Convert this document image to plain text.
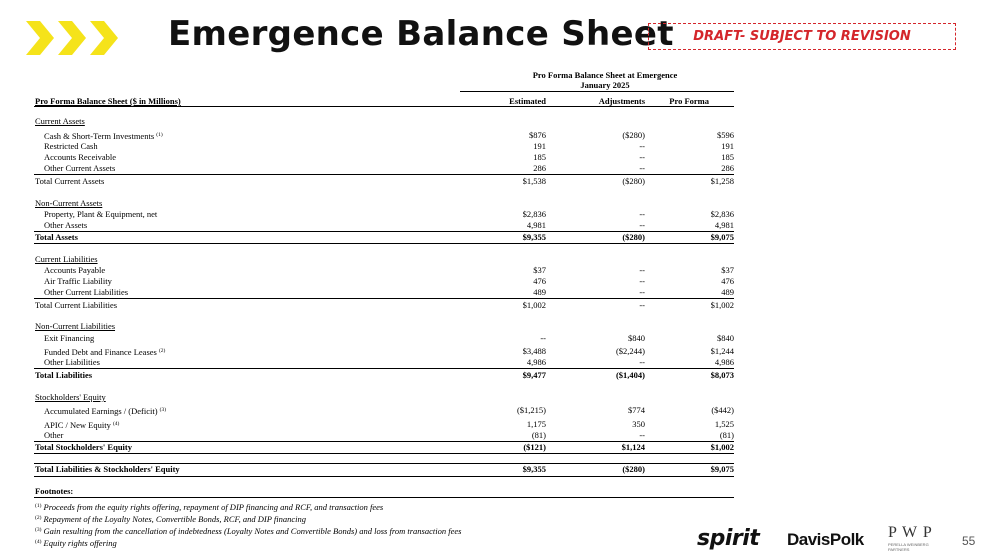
Emergence Balance Sheet	DRAFT- SUBJECT TO REVISION
Pro Forma Balance Sheet at Emergence
January 2025
Pro Forma Balance Sheet ($ in Millions)	Estimated	Adjustments	Pro Forma
Current Assets
Cash & Short-Term Investments $^{(1)}$	$876	($280)	$596
Restricted Cash	191	--	191
Accounts Receivable	185	--	185
Other Current Assets	286	--	286
Total Current Assets	$1,538	($280)	$1,258
Non-Current Assets
Property, Plant & Equipment, net	$2,836	--	$2,836
Other Assets	4,981	--	4,981
Total Assets	$9,355	($280)	$9,075
Current Liabilities
Accounts Payable	$37	--	$37
Air Traffic Liability	476	--	476
Other Current Liabilities	489	--	489
Total Current Liabilities	$1,002	--	$1,002
Non-Current Liabilities
Exit Financing	--	$840	$840
Funded Debt and Finance Leases $^{(2)}$	$3,488	($2,244)	$1,244
Other Liabilities	4,986	--	4,986
Total Liabilities	$9,477	($1,404)	$8,073
Stockholders' Equity
Accumulated Earnings / (Deficit) $^{(3)}$	($1,215)	$774	($442)
APIC / New Equity $^{(4)}$	1,175	350	1,525
Other	(81)	--	(81)
Total Stockholders' Equity	($121)	$1,124	$1,002
Total Liabilities & Stockholders' Equity	$9,355	($280)	$9,075
Footnotes:
$^{(1)}$ Proceeds from the equity rights offering, repayment of DIP financing and RCF, and transaction fees
$^{(2)}$ Repayment of the Loyalty Notes, Convertible Bonds, RCF, and DIP financing
$^{(3)}$ Gain resulting from the cancellation of indebtedness (Loyalty Notes and Convertible Bonds) and loss from transaction fees
$^{(4)}$ Equity rights offering	spirit DavisPolk P W P
PERELLA WEINBERG PARTNERS
55
